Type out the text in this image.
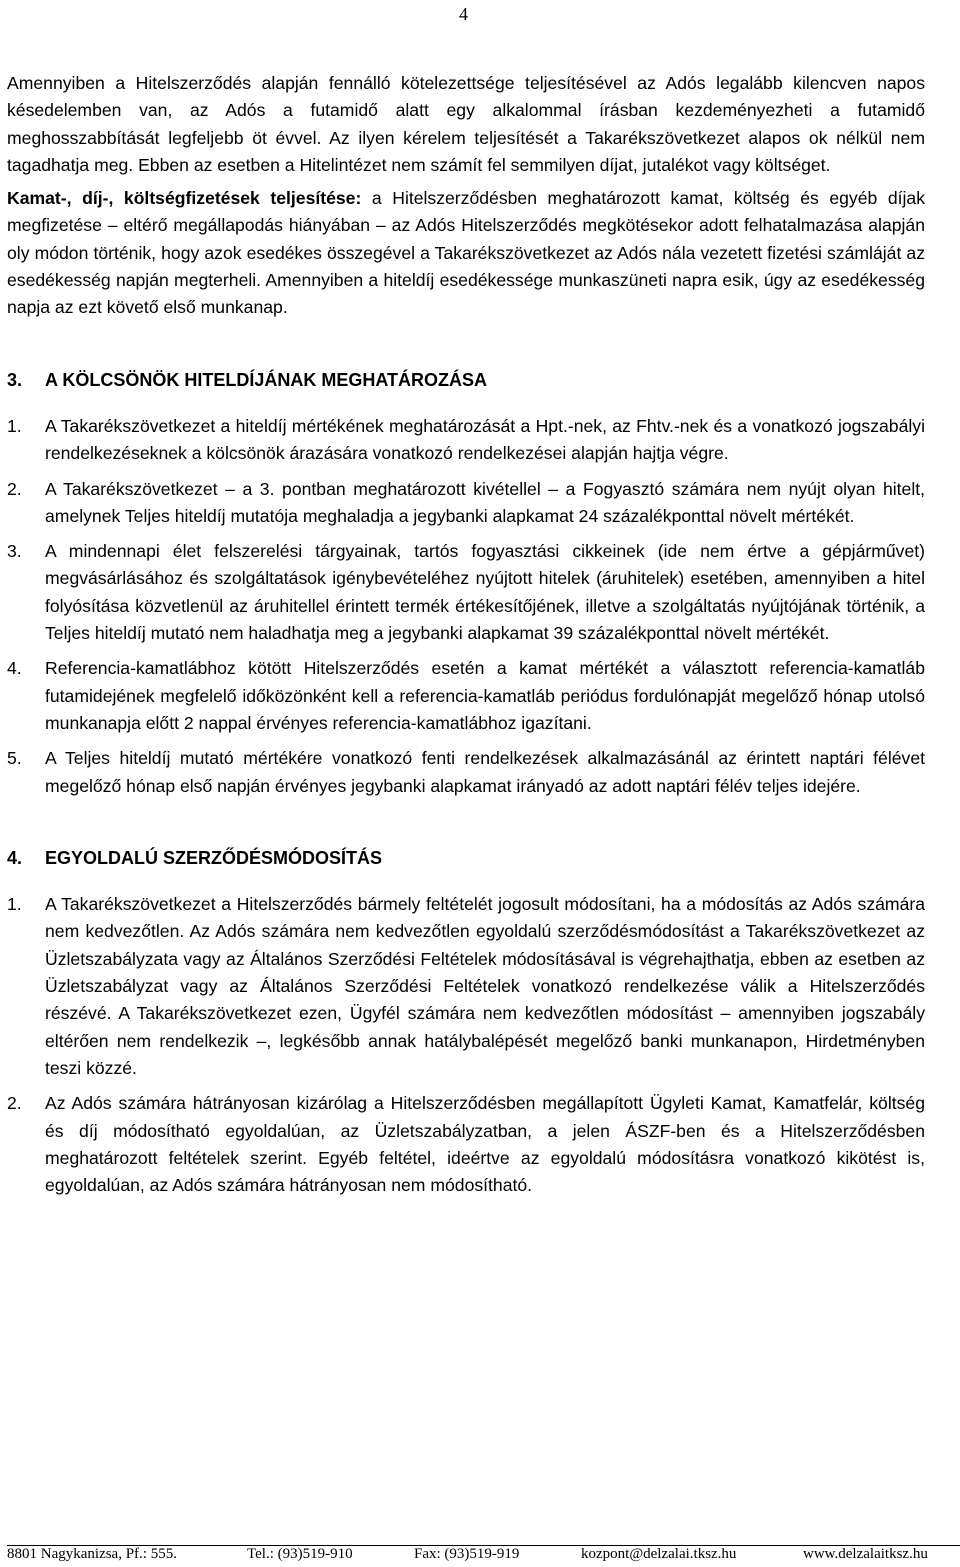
4

Amennyiben a Hitelszerződés alapján fennálló kötelezettsége teljesítésével az Adós legalább kilencven napos késedelemben van, az Adós a futamidő alatt egy alkalommal írásban kezdeményezheti a futamidő meghosszabbítását legfeljebb öt évvel. Az ilyen kérelem teljesítését a Takarékszövetkezet alapos ok nélkül nem tagadhatja meg. Ebben az esetben a Hitelintézet nem számít fel semmilyen díjat, jutalékot vagy költséget.

Kamat-, díj-, költségfizetések teljesítése: a Hitelszerződésben meghatározott kamat, költség és egyéb díjak megfizetése – eltérő megállapodás hiányában – az Adós Hitelszerződés megkötésekor adott felhatalmazása alapján oly módon történik, hogy azok esedékes összegével a Takarékszövetkezet az Adós nála vezetett fizetési számláját az esedékesség napján megterheli. Amennyiben a hiteldíj esedékessége munkaszüneti napra esik, úgy az esedékesség napja az ezt követő első munkanap.

3.	A KÖLCSÖNÖK HITELDÍJÁNAK MEGHATÁROZÁSA
1.	A Takarékszövetkezet a hiteldíj mértékének meghatározását a Hpt.-nek, az Fhtv.-nek és a vonatkozó jogszabályi rendelkezéseknek a kölcsönök árazására vonatkozó rendelkezései alapján hajtja végre.
2.	A Takarékszövetkezet – a 3. pontban meghatározott kivétellel – a Fogyasztó számára nem nyújt olyan hitelt, amelynek Teljes hiteldíj mutatója meghaladja a jegybanki alapkamat 24 százalékponttal növelt mértékét.
3.	A mindennapi élet felszerelési tárgyainak, tartós fogyasztási cikkeinek (ide nem értve a gépjárművet) megvásárlásához és szolgáltatások igénybevételéhez nyújtott hitelek (áruhitelek) esetében, amennyiben a hitel folyósítása közvetlenül az áruhitellel érintett termék értékesítőjének, illetve a szolgáltatás nyújtójának történik, a Teljes hiteldíj mutató nem haladhatja meg a jegybanki alapkamat 39 százalékponttal növelt mértékét.
4.	Referencia-kamatlábhoz kötött Hitelszerződés esetén a kamat mértékét a választott referencia-kamatláb futamidejének megfelelő időközönként kell a referencia-kamatláb periódus fordulónapját megelőző hónap utolsó munkanapja előtt 2 nappal érvényes referencia-kamatlábhoz igazítani.
5.	A Teljes hiteldíj mutató mértékére vonatkozó fenti rendelkezések alkalmazásánál az érintett naptári félévet megelőző hónap első napján érvényes jegybanki alapkamat irányadó az adott naptári félév teljes idejére.
4.	EGYOLDALÚ SZERZŐDÉSMÓDOSÍTÁS
1.	A Takarékszövetkezet a Hitelszerződés bármely feltételét jogosult módosítani, ha a módosítás az Adós számára nem kedvezőtlen. Az Adós számára nem kedvezőtlen egyoldalú szerződésmódosítást a Takarékszövetkezet az Üzletszabályzata vagy az Általános Szerződési Feltételek módosításával is végrehajthatja, ebben az esetben az Üzletszabályzat vagy az Általános Szerződési Feltételek vonatkozó rendelkezése válik a Hitelszerződés részévé. A Takarékszövetkezet ezen, Ügyfél számára nem kedvezőtlen módosítást – amennyiben jogszabály eltérően nem rendelkezik –, legkésőbb annak hatálybalépését megelőző banki munkanapon, Hirdetményben teszi közzé.
2.	Az Adós számára hátrányosan kizárólag a Hitelszerződésben megállapított Ügyleti Kamat, Kamatfelár, költség és díj módosítható egyoldalúan, az Üzletszabályzatban, a jelen ÁSZF-ben és a Hitelszerződésben meghatározott feltételek szerint. Egyéb feltétel, ideértve az egyoldalú módosításra vonatkozó kikötést is, egyoldalúan, az Adós számára hátrányosan nem módosítható.
8801 Nagykanizsa, Pf.: 555.	Tel.: (93)519-910	Fax: (93)519-919	kozpont@delzalai.tksz.hu	www.delzalaitksz.hu
